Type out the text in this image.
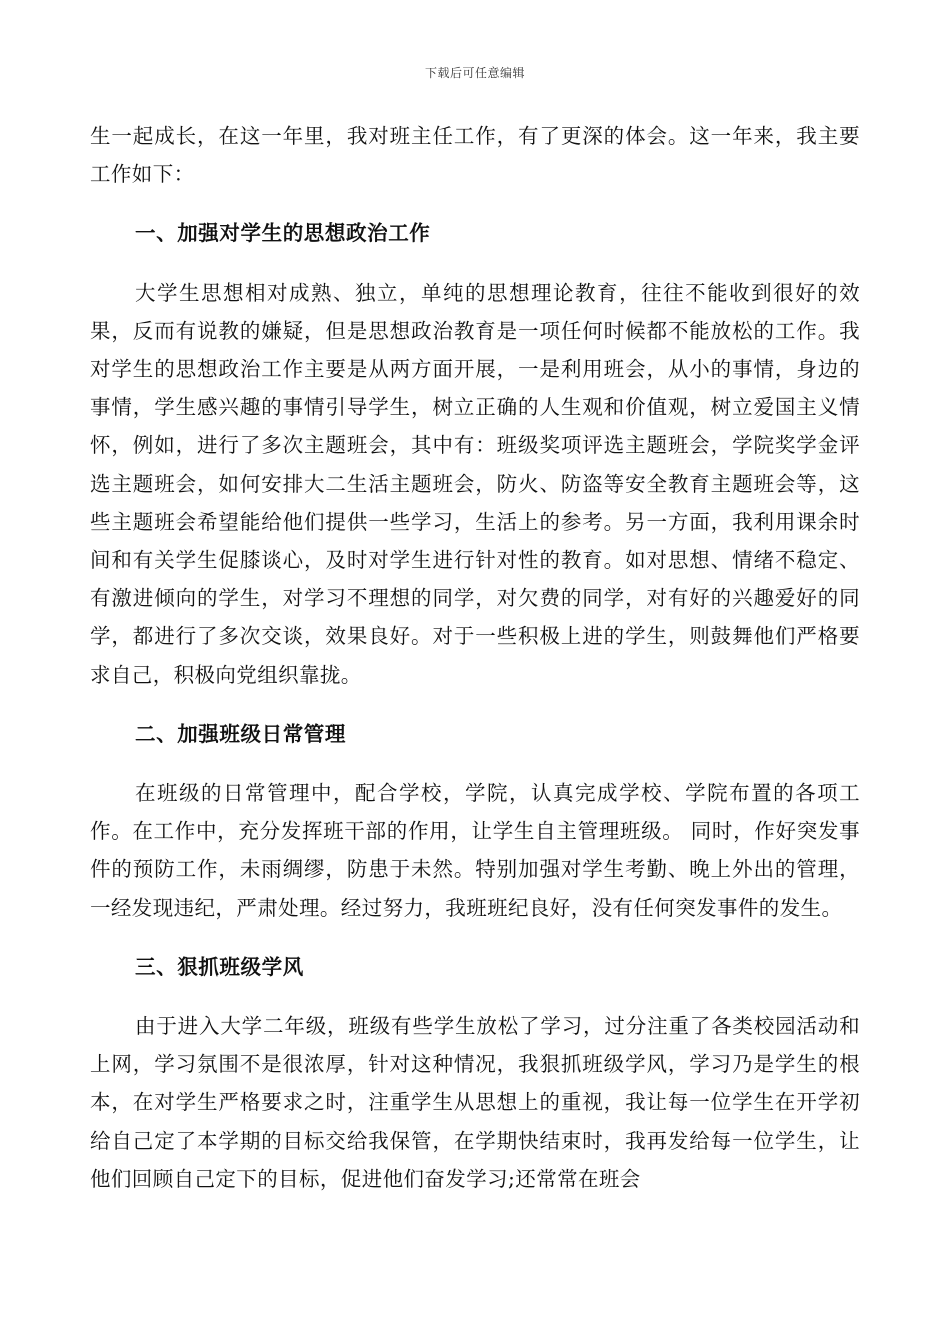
下载后可任意编辑

生一起成长，在这一年里，我对班主任工作，有了更深的体会。这一年来，我主要工作如下：

一、加强对学生的思想政治工作

大学生思想相对成熟、独立，单纯的思想理论教育，往往不能收到很好的效果，反而有说教的嫌疑，但是思想政治教育是一项任何时候都不能放松的工作。我对学生的思想政治工作主要是从两方面开展，一是利用班会，从小的事情，身边的事情，学生感兴趣的事情引导学生，树立正确的人生观和价值观，树立爱国主义情怀，例如，进行了多次主题班会，其中有：班级奖项评选主题班会，学院奖学金评选主题班会，如何安排大二生活主题班会，防火、防盗等安全教育主题班会等，这些主题班会希望能给他们提供一些学习，生活上的参考。另一方面，我利用课余时间和有关学生促膝谈心，及时对学生进行针对性的教育。如对思想、情绪不稳定、有激进倾向的学生，对学习不理想的同学，对欠费的同学，对有好的兴趣爱好的同学，都进行了多次交谈，效果良好。对于一些积极上进的学生，则鼓舞他们严格要求自己，积极向党组织靠拢。

二、加强班级日常管理

在班级的日常管理中，配合学校，学院，认真完成学校、学院布置的各项工作。在工作中，充分发挥班干部的作用，让学生自主管理班级。 同时，作好突发事件的预防工作，未雨绸缪，防患于未然。特别加强对学生考勤、晚上外出的管理，一经发现违纪，严肃处理。经过努力，我班班纪良好，没有任何突发事件的发生。

三、狠抓班级学风

由于进入大学二年级，班级有些学生放松了学习，过分注重了各类校园活动和上网，学习氛围不是很浓厚，针对这种情况，我狠抓班级学风，学习乃是学生的根本，在对学生严格要求之时，注重学生从思想上的重视，我让每一位学生在开学初给自己定了本学期的目标交给我保管，在学期快结束时，我再发给每一位学生，让他们回顾自己定下的目标，促进他们奋发学习;还常常在班会
